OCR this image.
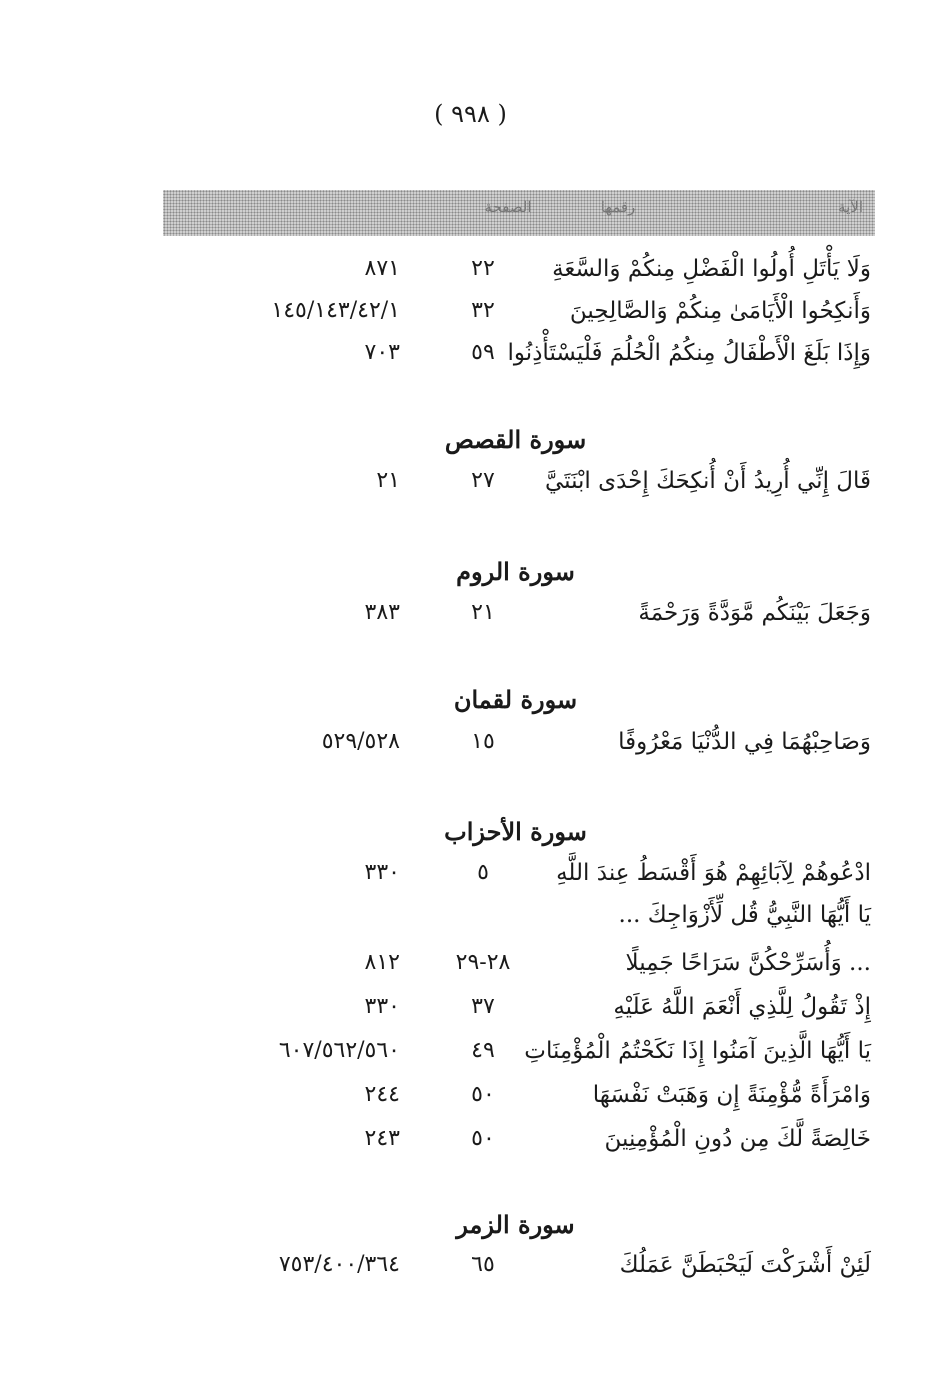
( ٩٩٨ )
الآية
رقمها
الصفحة
وَلَا يَأْتَلِ أُولُوا الْفَضْلِ مِنكُمْ وَالسَّعَةِ
٢٢
٨٧١
وَأَنكِحُوا الْأَيَامَىٰ مِنكُمْ وَالصَّالِحِينَ
٣٢
١٤٥/١٤٣/٤٢/١
وَإِذَا بَلَغَ الْأَطْفَالُ مِنكُمُ الْحُلُمَ فَلْيَسْتَأْذِنُوا
٥٩
٧٠٣
سورة القصص
قَالَ إِنِّي أُرِيدُ أَنْ أُنكِحَكَ إِحْدَى ابْنَتَيَّ
٢٧
٢١
سورة الروم
وَجَعَلَ بَيْنَكُم مَّوَدَّةً وَرَحْمَةً
٢١
٣٨٣
سورة لقمان
وَصَاحِبْهُمَا فِي الدُّنْيَا مَعْرُوفًا
١٥
٥٢٩/٥٢٨
سورة الأحزاب
ادْعُوهُمْ لِآبَائِهِمْ هُوَ أَقْسَطُ عِندَ اللَّهِ
٥
٣٣٠
يَا أَيُّهَا النَّبِيُّ قُل لِّأَزْوَاجِكَ ...
... وَأُسَرِّحْكُنَّ سَرَاحًا جَمِيلًا
٢٨-٢٩
٨١٢
إِذْ تَقُولُ لِلَّذِي أَنْعَمَ اللَّهُ عَلَيْهِ
٣٧
٣٣٠
يَا أَيُّهَا الَّذِينَ آمَنُوا إِذَا نَكَحْتُمُ الْمُؤْمِنَاتِ
٤٩
٦٠٧/٥٦٢/٥٦٠
وَامْرَأَةً مُّؤْمِنَةً إِن وَهَبَتْ نَفْسَهَا
٥٠
٢٤٤
خَالِصَةً لَّكَ مِن دُونِ الْمُؤْمِنِينَ
٥٠
٢٤٣
سورة الزمر
لَئِنْ أَشْرَكْتَ لَيَحْبَطَنَّ عَمَلُكَ
٦٥
٧٥٣/٤٠٠/٣٦٤
